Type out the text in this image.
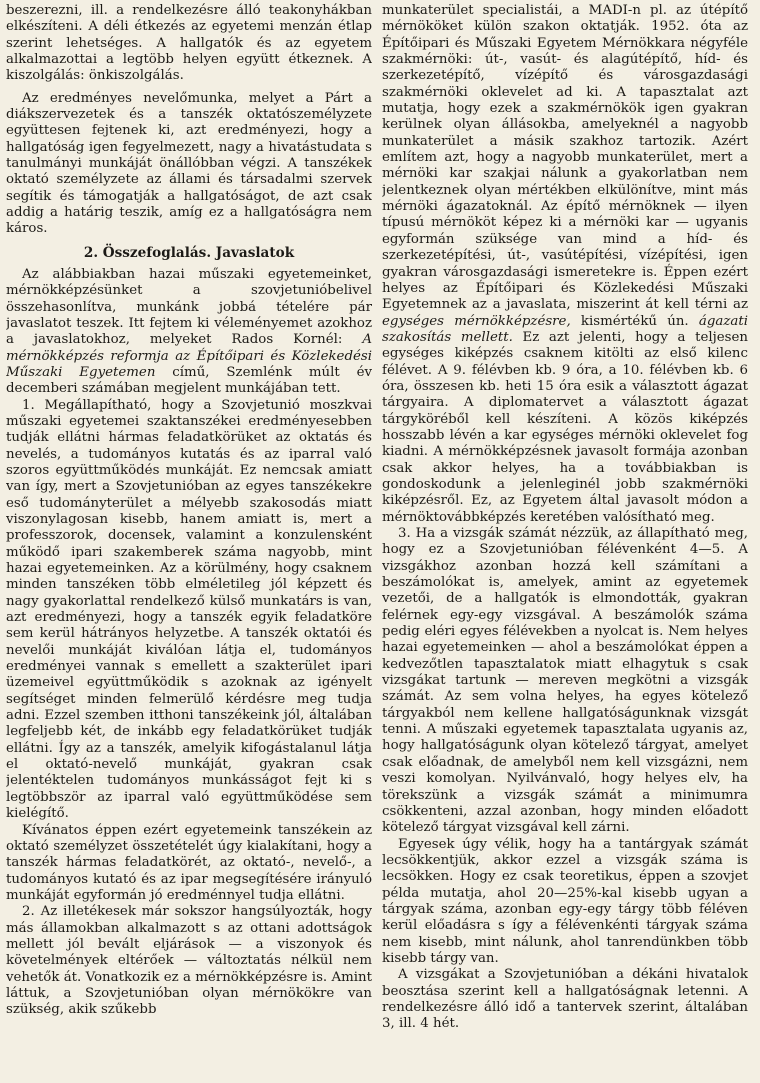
beszerezni, ill. a rendelkezésre álló teakonyhákban elkészíteni. A déli étkezés az egyetemi menzán étlap szerint lehetséges. A hallgatók és az egyetem alkalmazottai a legtöbb helyen együtt étkeznek. A kiszolgálás: önkiszolgálás.

Az eredményes nevelőmunka, melyet a Párt a diákszervezetek és a tanszék oktatószemélyzete együttesen fejtenek ki, azt eredményezi, hogy a hallgatóság igen fegyelmezett, nagy a hivatástudata s tanulmányi munkáját önállóbban végzi. A tanszékek oktató személyzete az állami és társadalmi szervek segítik és támogatják a hallgatóságot, de azt csak addig a határig teszik, amíg ez a hallgatóságra nem káros.

2. Összefoglalás. Javaslatok

Az alábbiakban hazai műszaki egyetemeinket, mérnökképzésünket a szovjetunióbelivel összehasonlítva, munkánk jobbá tételére pár javaslatot teszek. Itt fejtem ki véleményemet azokhoz a javaslatokhoz, melyeket Rados Kornél: A mérnökképzés reformja az Építőipari és Közlekedési Műszaki Egyetemen című, Szemlénk múlt év decemberi számában megjelent munkájában tett.

1. Megállapítható, hogy a Szovjetunió moszkvai műszaki egyetemei szaktanszékei eredményesebben tudják ellátni hármas feladatkörüket az oktatás és nevelés, a tudományos kutatás és az iparral való szoros együttműködés munkáját. Ez nemcsak amiatt van így, mert a Szovjetunióban az egyes tanszékekre eső tudományterület a mélyebb szakosodás miatt viszonylagosan kisebb, hanem amiatt is, mert a professzorok, docensek, valamint a konzulensként működő ipari szakemberek száma nagyobb, mint hazai egyetemeinken. Az a körülmény, hogy csaknem minden tanszéken több elméletileg jól képzett és nagy gyakorlattal rendelkező külső munkatárs is van, azt eredményezi, hogy a tanszék egyik feladatköre sem kerül hátrányos helyzetbe. A tanszék oktatói és nevelői munkáját kiválóan látja el, tudományos eredményei vannak s emellett a szakterület ipari üzemeivel együttműködik s azoknak az igényelt segítséget minden felmerülő kérdésre meg tudja adni. Ezzel szemben itthoni tanszékeink jól, általában legfeljebb két, de inkább egy feladatkörüket tudják ellátni. Így az a tanszék, amelyik kifogástalanul látja el oktató-nevelő munkáját, gyakran csak jelentéktelen tudományos munkásságot fejt ki s legtöbbször az iparral való együttműködése sem kielégítő.

Kívánatos éppen ezért egyetemeink tanszékein az oktató személyzet összetételét úgy kialakítani, hogy a tanszék hármas feladatkörét, az oktató-, nevelő-, a tudományos kutató és az ipar megsegítésére irányuló munkáját egyformán jó eredménnyel tudja ellátni.

2. Az illetékesek már sokszor hangsúlyozták, hogy más államokban alkalmazott s az ottani adottságok mellett jól bevált eljárások — a viszonyok és követelmények eltérőek — változtatás nélkül nem vehetők át. Vonatkozik ez a mérnökképzésre is. Amint láttuk, a Szovjetunióban olyan mérnökökre van szükség, akik szűkebb

munkaterület specialistái, a MADI-n pl. az útépítő mérnököket külön szakon oktatják. 1952. óta az Építőipari és Műszaki Egyetem Mérnökkara négyféle szakmérnöki: út-, vasút- és alagútépítő, híd- és szerkezetépítő, vízépítő és városgazdasági szakmérnöki oklevelet ad ki. A tapasztalat azt mutatja, hogy ezek a szakmérnökök igen gyakran kerülnek olyan állásokba, amelyeknél a nagyobb munkaterület a másik szakhoz tartozik. Azért említem azt, hogy a nagyobb munkaterület, mert a mérnöki kar szakjai nálunk a gyakorlatban nem jelentkeznek olyan mértékben elkülönítve, mint más mérnöki ágazatoknál. Az építő mérnöknek — ilyen típusú mérnököt képez ki a mérnöki kar — ugyanis egyformán szüksége van mind a híd- és szerkezetépítési, út-, vasútépítési, vízépítési, igen gyakran városgazdasági ismeretekre is. Éppen ezért helyes az Építőipari és Közlekedési Műszaki Egyetemnek az a javaslata, miszerint át kell térni az egységes mérnökképzésre, kismértékű ún. ágazati szakosítás mellett. Ez azt jelenti, hogy a teljesen egységes kiképzés csaknem kitölti az első kilenc félévet. A 9. félévben kb. 9 óra, a 10. félévben kb. 6 óra, összesen kb. heti 15 óra esik a választott ágazat tárgyaira. A diplomatervet a választott ágazat tárgyköréből kell készíteni. A közös kiképzés hosszabb lévén a kar egységes mérnöki oklevelet fog kiadni. A mérnökképzésnek javasolt formája azonban csak akkor helyes, ha a továbbiakban is gondoskodunk a jelenleginél jobb szakmérnöki kiképzésről. Ez, az Egyetem által javasolt módon a mérnöktovábbképzés keretében valósítható meg.

3. Ha a vizsgák számát nézzük, az állapítható meg, hogy ez a Szovjetunióban félévenként 4—5. A vizsgákhoz azonban hozzá kell számítani a beszámolókat is, amelyek, amint az egyetemek vezetői, de a hallgatók is elmondották, gyakran felérnek egy-egy vizsgával. A beszámolók száma pedig eléri egyes félévekben a nyolcat is. Nem helyes hazai egyetemeinken — ahol a beszámolókat éppen a kedvezőtlen tapasztalatok miatt elhagytuk s csak vizsgákat tartunk — mereven megkötni a vizsgák számát. Az sem volna helyes, ha egyes kötelező tárgyakból nem kellene hallgatóságunknak vizsgát tenni. A műszaki egyetemek tapasztalata ugyanis az, hogy hallgatóságunk olyan kötelező tárgyat, amelyet csak előadnak, de amelyből nem kell vizsgázni, nem veszi komolyan. Nyilvánvaló, hogy helyes elv, ha törekszünk a vizsgák számát a minimumra csökkenteni, azzal azonban, hogy minden előadott kötelező tárgyat vizsgával kell zárni.

Egyesek úgy vélik, hogy ha a tantárgyak számát lecsökkentjük, akkor ezzel a vizsgák száma is lecsökken. Hogy ez csak teoretikus, éppen a szovjet példa mutatja, ahol 20—25%-kal kisebb ugyan a tárgyak száma, azonban egy-egy tárgy több féléven kerül előadásra s így a félévenkénti tárgyak száma nem kisebb, mint nálunk, ahol tanrendünkben több kisebb tárgy van.

A vizsgákat a Szovjetunióban a dékáni hivatalok beosztása szerint kell a hallgatóságnak letenni. A rendelkezésre álló idő a tantervek szerint, általában 3, ill. 4 hét.
